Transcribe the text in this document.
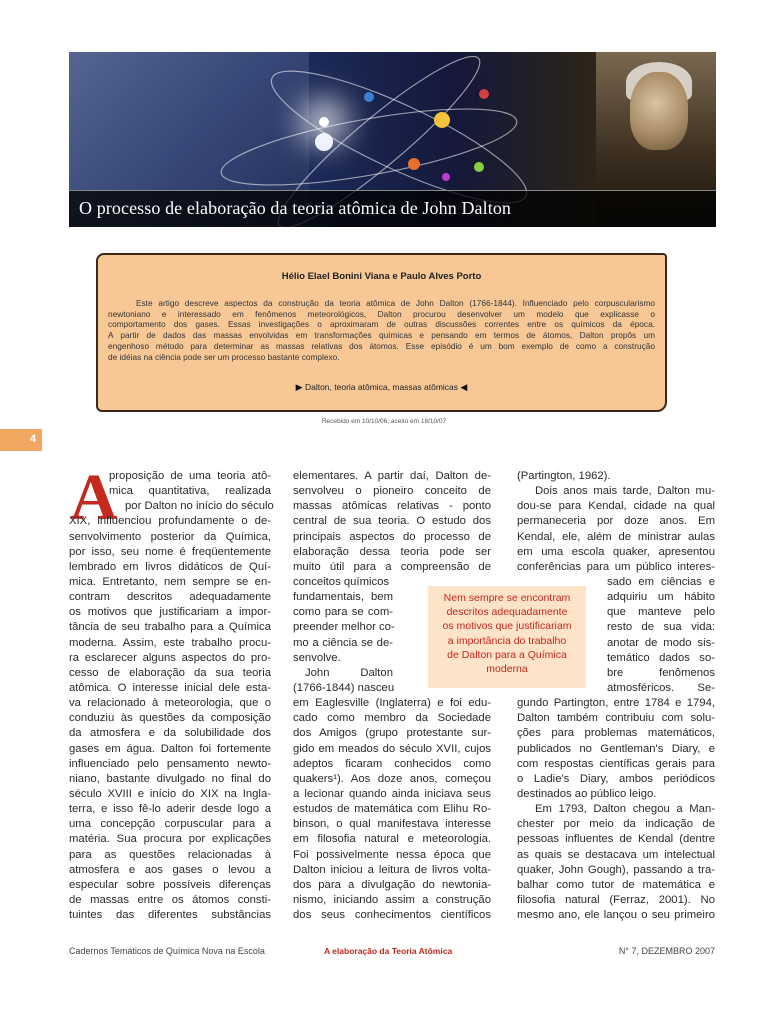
O processo de elaboração da teoria atômica de John Dalton
Hélio Elael Bonini Viana e Paulo Alves Porto
Este artigo descreve aspectos da construção da teoria atômica de John Dalton (1766-1844). Influenciado pelo corpuscularismo
newtoniano e interessado em fenômenos meteorológicos, Dalton procurou desenvolver um modelo que explicasse o
comportamento dos gases. Essas investigações o aproximaram de outras discussões correntes entre os químicos da época.
A partir de dados das massas envolvidas em transformações químicas e pensando em termos de átomos, Dalton propôs um
engenhoso método para determinar as massas relativas dos átomos. Esse episódio é um bom exemplo de como a construção
de idéias na ciência pode ser um processo bastante complexo.
▶ Dalton, teoria atômica, massas atômicas ◀
Recebido em 10/10/06; aceito em 18/10/07
4
A
proposição de uma teoria atô-
mica quantitativa, realizada
por Dalton no início do século
XIX, influenciou profundamente o de-
senvolvimento posterior da Química,
por isso, seu nome é freqüentemente
lembrado em livros didáticos de Quí-
mica. Entretanto, nem sempre se en-
contram descritos adequadamente
os motivos que justificariam a impor-
tância de seu trabalho para a Química
moderna. Assim, este trabalho procu-
ra esclarecer alguns aspectos do pro-
cesso de elaboração da sua teoria
atômica. O interesse inicial dele esta-
va relacionado à meteorologia, que o
conduziu às questões da composição
da atmosfera e da solubilidade dos
gases em água. Dalton foi fortemente
influenciado pelo pensamento newto-
niano, bastante divulgado no final do
século XVIII e início do XIX na Ingla-
terra, e isso fê-lo aderir desde logo a
uma concepção corpuscular para a
matéria. Sua procura por explicações
para as questões relacionadas à
atmosfera e aos gases o levou a
especular sobre possíveis diferenças
de massas entre os átomos consti-
tuintes das diferentes substâncias
elementares. A partir daí, Dalton de-
senvolveu o pioneiro conceito de
massas atômicas relativas - ponto
central de sua teoria. O estudo dos
principais aspectos do processo de
elaboração dessa teoria pode ser
muito útil para a compreensão de
conceitos químicos
fundamentais, bem
como para se com-
preender melhor co-
mo a ciência se de-
senvolve.
John Dalton
(1766-1844) nasceu
em Eaglesville (Inglaterra) e foi edu-
cado como membro da Sociedade
dos Amigos (grupo protestante sur-
gido em meados do século XVII, cujos
adeptos ficaram conhecidos como
quakers¹). Aos doze anos, começou
a lecionar quando ainda iniciava seus
estudos de matemática com Elihu Ro-
binson, o qual manifestava interesse
em filosofia natural e meteorologia.
Foi possivelmente nessa época que
Dalton iniciou a leitura de livros volta-
dos para a divulgação do newtonia-
nismo, iniciando assim a construção
dos seus conhecimentos científicos
(Partington, 1962).
Dois anos mais tarde, Dalton mu-
dou-se para Kendal, cidade na qual
permaneceria por doze anos. Em
Kendal, ele, além de ministrar aulas
em uma escola quaker, apresentou
conferências para um público interes-
sado em ciências e
adquiriu um hábito
que manteve pelo
resto de sua vida:
anotar de modo sis-
temático dados so-
bre fenômenos
atmosféricos. Se-
gundo Partington, entre 1784 e 1794,
Dalton também contribuiu com solu-
ções para problemas matemáticos,
publicados no Gentleman's Diary, e
com respostas científicas gerais para
o Ladie's Diary, ambos periódicos
destinados ao público leigo.
Em 1793, Dalton chegou a Man-
chester por meio da indicação de
pessoas influentes de Kendal (dentre
as quais se destacava um intelectual
quaker, John Gough), passando a tra-
balhar como tutor de matemática e
filosofia natural (Ferraz, 2001). No
mesmo ano, ele lançou o seu primeiro
Nem sempre se encontram
descritos adequadamente
os motivos que justificariam
a importância do trabalho
de Dalton para a Química
moderna
Cadernos Temáticos de Química Nova na Escola	A elaboração da Teoria Atômica	N° 7, DEZEMBRO 2007
